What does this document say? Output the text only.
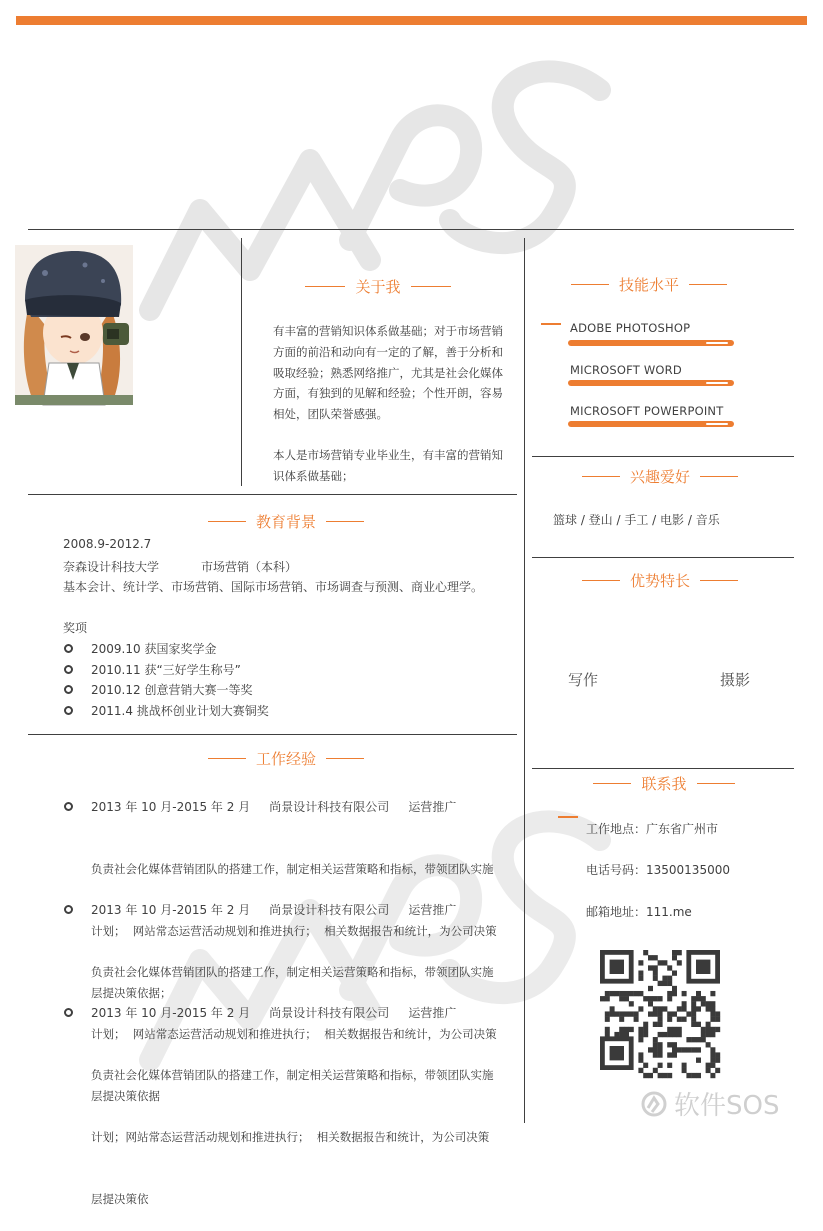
关于我
有丰富的营销知识体系做基础；对于市场营销
方面的前沿和动向有一定的了解，善于分析和
吸取经验；熟悉网络推广，尤其是社会化媒体
方面，有独到的见解和经验；个性开朗，容易
相处，团队荣誉感强。
本人是市场营销专业毕业生，有丰富的营销知
识体系做基础；
技能水平
ADOBE PHOTOSHOP
MICROSOFT WORD
MICROSOFT POWERPOINT
兴趣爱好
篮球 / 登山 / 手工 / 电影 / 音乐
优势特长
写作	摄影
联系我
工作地点：广东省广州市
电话号码：13500135000
邮箱地址：111.me
教育背景
2008.9-2012.7
奈森设计科技大学	市场营销（本科）
基本会计、统计学、市场营销、国际市场营销、市场调查与预测、商业心理学。
奖项
2009.10 获国家奖学金
2010.11 获“三好学生称号”
2010.12 创意营销大赛一等奖
2011.4 挑战杯创业计划大赛铜奖
工作经验
2013 年 10 月-2015 年 2 月     尚景设计科技有限公司     运营推广

负责社会化媒体营销团队的搭建工作，制定相关运营策略和指标，带领团队实施

计划；  网站常态运营活动规划和推进执行；  相关数据报告和统计，为公司决策

层提决策依据；

2013 年 10 月-2015 年 2 月     尚景设计科技有限公司     运营推广

负责社会化媒体营销团队的搭建工作，制定相关运营策略和指标，带领团队实施

计划；  网站常态运营活动规划和推进执行；  相关数据报告和统计，为公司决策

层提决策依据

2013 年 10 月-2015 年 2 月     尚景设计科技有限公司     运营推广

负责社会化媒体营销团队的搭建工作，制定相关运营策略和指标，带领团队实施

计划；网站常态运营活动规划和推进执行；  相关数据报告和统计，为公司决策

层提决策依

软件SOS
